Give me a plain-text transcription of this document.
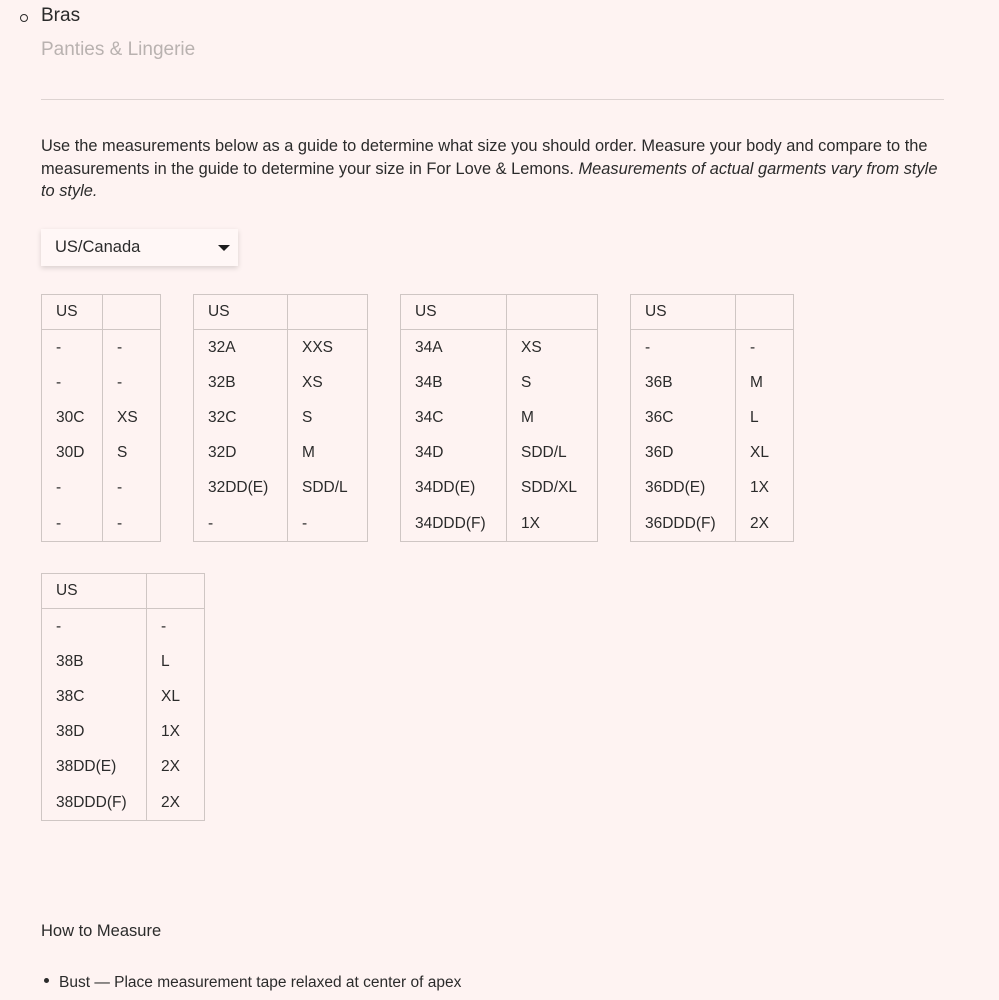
Bras
Panties & Lingerie

Use the measurements below as a guide to determine what size you should order. Measure your body and compare to the measurements in the guide to determine your size in For Love & Lemons. Measurements of actual garments vary from style to style.

US/Canada
US	
-	-
-	-
30C	XS
30D	S
-	-
-	-
US	
32A	XXS
32B	XS
32C	S
32D	M
32DD(E)	SDD/L
-	-
US	
34A	XS
34B	S
34C	M
34D	SDD/L
34DD(E)	SDD/XL
34DDD(F)	1X
US	
-	-
36B	M
36C	L
36D	XL
36DD(E)	1X
36DDD(F)	2X
US	
-	-
38B	L
38C	XL
38D	1X
38DD(E)	2X
38DDD(F)	2X
How to Measure
Bust — Place measurement tape relaxed at center of apex
